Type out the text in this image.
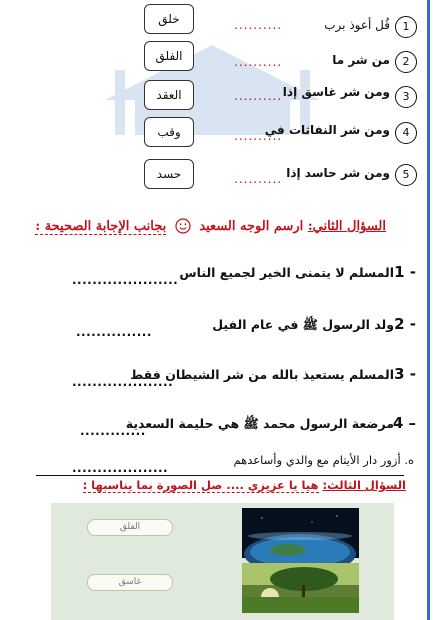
1
قُل أعوذ برب
..........
خلق
2
من شر ما
..........
الفلق
3
ومن شر غاسق إذا
..........
العقد
4
ومن شر النفاثات في
..........
وقب
5
ومن شر حاسد إذا
..........
حسد
السؤال الثاني: ارسم الوجه السعيد  بجانب الإجابة الصحيحة :
1 -
المسلم لا يتمنى الخير لجميع الناس
.....................
2 -
ولد الرسول ﷺ في عام الفيل
...............
3 -
المسلم يستعيذ بالله من شر الشيطان فقط
....................
4 –
مرضعة الرسول محمد ﷺ هي حليمة السعدية
.............
ه. أزور دار الأيتام مع والدي وأساعدهم
...................
السؤال الثالث: هيا يا عزيزي .... صل الصورة بما يناسبها :
الفلق
غاسق
